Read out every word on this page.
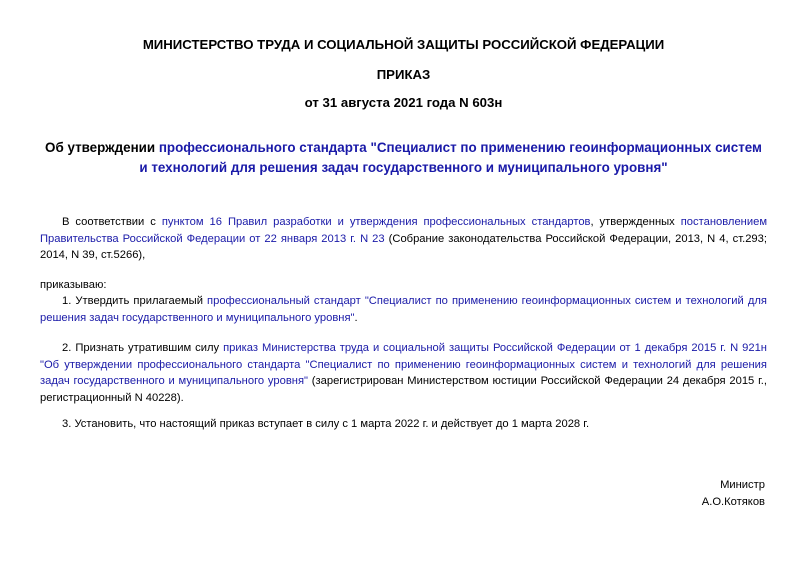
МИНИСТЕРСТВО ТРУДА И СОЦИАЛЬНОЙ ЗАЩИТЫ РОССИЙСКОЙ ФЕДЕРАЦИИ
ПРИКАЗ
от 31 августа 2021 года N 603н
Об утверждении профессионального стандарта "Специалист по применению геоинформационных систем и технологий для решения задач государственного и муниципального уровня"
В соответствии с пунктом 16 Правил разработки и утверждения профессиональных стандартов, утвержденных постановлением Правительства Российской Федерации от 22 января 2013 г. N 23 (Собрание законодательства Российской Федерации, 2013, N 4, ст.293; 2014, N 39, ст.5266),
приказываю:
1. Утвердить прилагаемый профессиональный стандарт "Специалист по применению геоинформационных систем и технологий для решения задач государственного и муниципального уровня".
2. Признать утратившим силу приказ Министерства труда и социальной защиты Российской Федерации от 1 декабря 2015 г. N 921н "Об утверждении профессионального стандарта "Специалист по применению геоинформационных систем и технологий для решения задач государственного и муниципального уровня" (зарегистрирован Министерством юстиции Российской Федерации 24 декабря 2015 г., регистрационный N 40228).
3. Установить, что настоящий приказ вступает в силу с 1 марта 2022 г. и действует до 1 марта 2028 г.
Министр
А.О.Котяков
